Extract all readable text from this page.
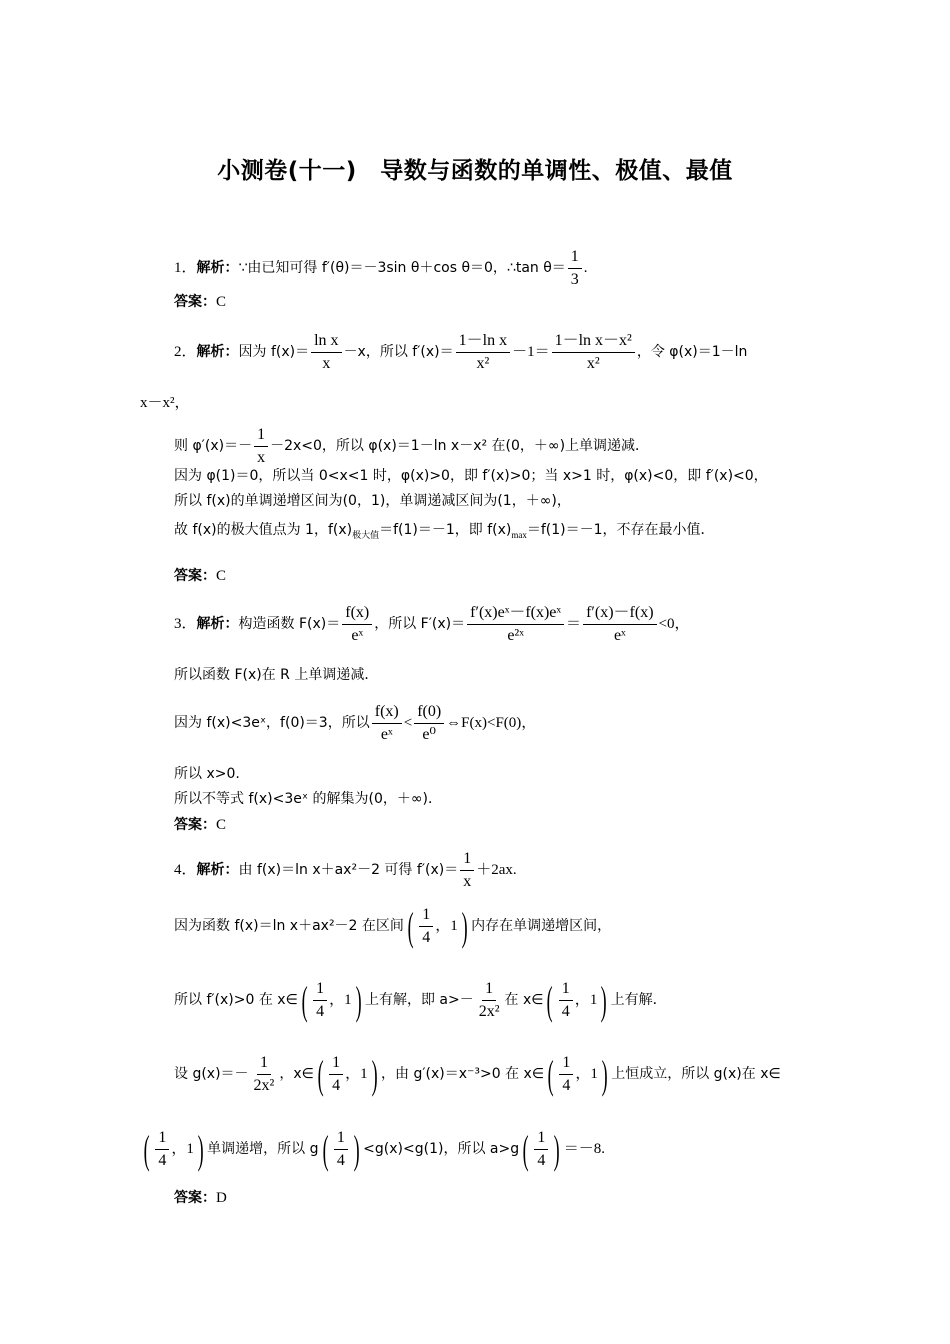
小测卷(十一)　导数与函数的单调性、极值、最值
1．解析：∵由已知可得 f′(θ)＝－3sin θ＋cos θ＝0，∴tan $\theta= \frac{1}{3}$ .
答案：C
2．解析：因为 $f(x)= \frac{\text{ln x}}{x} -x$，所以 $f'(x)= \frac{\text{1－ln x}}{\text{x²}} -1= \frac{\text{1－ln x－x²}}{\text{x²}}$ ，令 φ(x)＝1－ln
x－x²，
则 $\varphi'(x)=- \frac{1}{x} -2x<0$，所以 φ(x)＝1－ln x－x² 在(0，＋∞)上单调递减．
因为 φ(1)＝0，所以当 0<x<1 时，φ(x)>0，即 f′(x)>0；当 x>1 时，φ(x)<0，即 f′(x)<0，
所以 f(x)的单调递增区间为(0，1)，单调递减区间为(1，＋∞)，
故 f(x)的极大值点为 1，$f(x)_{极大值}=f(1)=-1$，即 $f(x)_{max}=f(1)=-1$，不存在最小值．
答案：C
3．解析：构造函数 $F(x)= \frac{f(x)}{\text{eˣ}}$ ，所以 $F'(x)= \frac{\text{f′(x)eˣ－f(x)eˣ}}{\text{e²ˣ}} = \frac{f'(x)-f(x)}{\text{eˣ}} <0$，
所以函数 F(x)在 R 上单调递减．
因为 f(x)<3eˣ，f(0)＝3，所以 $\frac{f(x)}{\text{eˣ}} < \frac{f(0)}{\text{e⁰}}$ ⇔F(x)<F(0)，
所以 x>0.
所以不等式 f(x)<3eˣ 的解集为(0，＋∞)．
答案：C
4．解析：由 f(x)＝ln x＋ax²－2 可得 $f'(x)= \frac{1}{x} +2ax$.
因为函数 f(x)＝ln x＋ax²－2 在区间( $\frac{1}{4}$ ，1) 内存在单调递增区间，
所以 f′(x)>0 在 x∈( $\frac{1}{4}$ ，1) 上有解，即 $a>- \frac{1}{\text{2x²}}$ 在 x∈( $\frac{1}{4}$ ，1) 上有解．
设 $g(x)=- \frac{1}{\text{2x²}}$ ，x∈( $\frac{1}{4}$ ，1) ，由 g′(x)＝x⁻³>0 在 x∈( $\frac{1}{4}$ ，1) 上恒成立，所以 g(x)在 x∈
( $\frac{1}{4}$ ，1) 单调递增，所以 $g( \frac{1}{4}$ ) <g(x)<g(1)，所以 $a>g( \frac{1}{4}$ ) ＝－8.
答案：D
